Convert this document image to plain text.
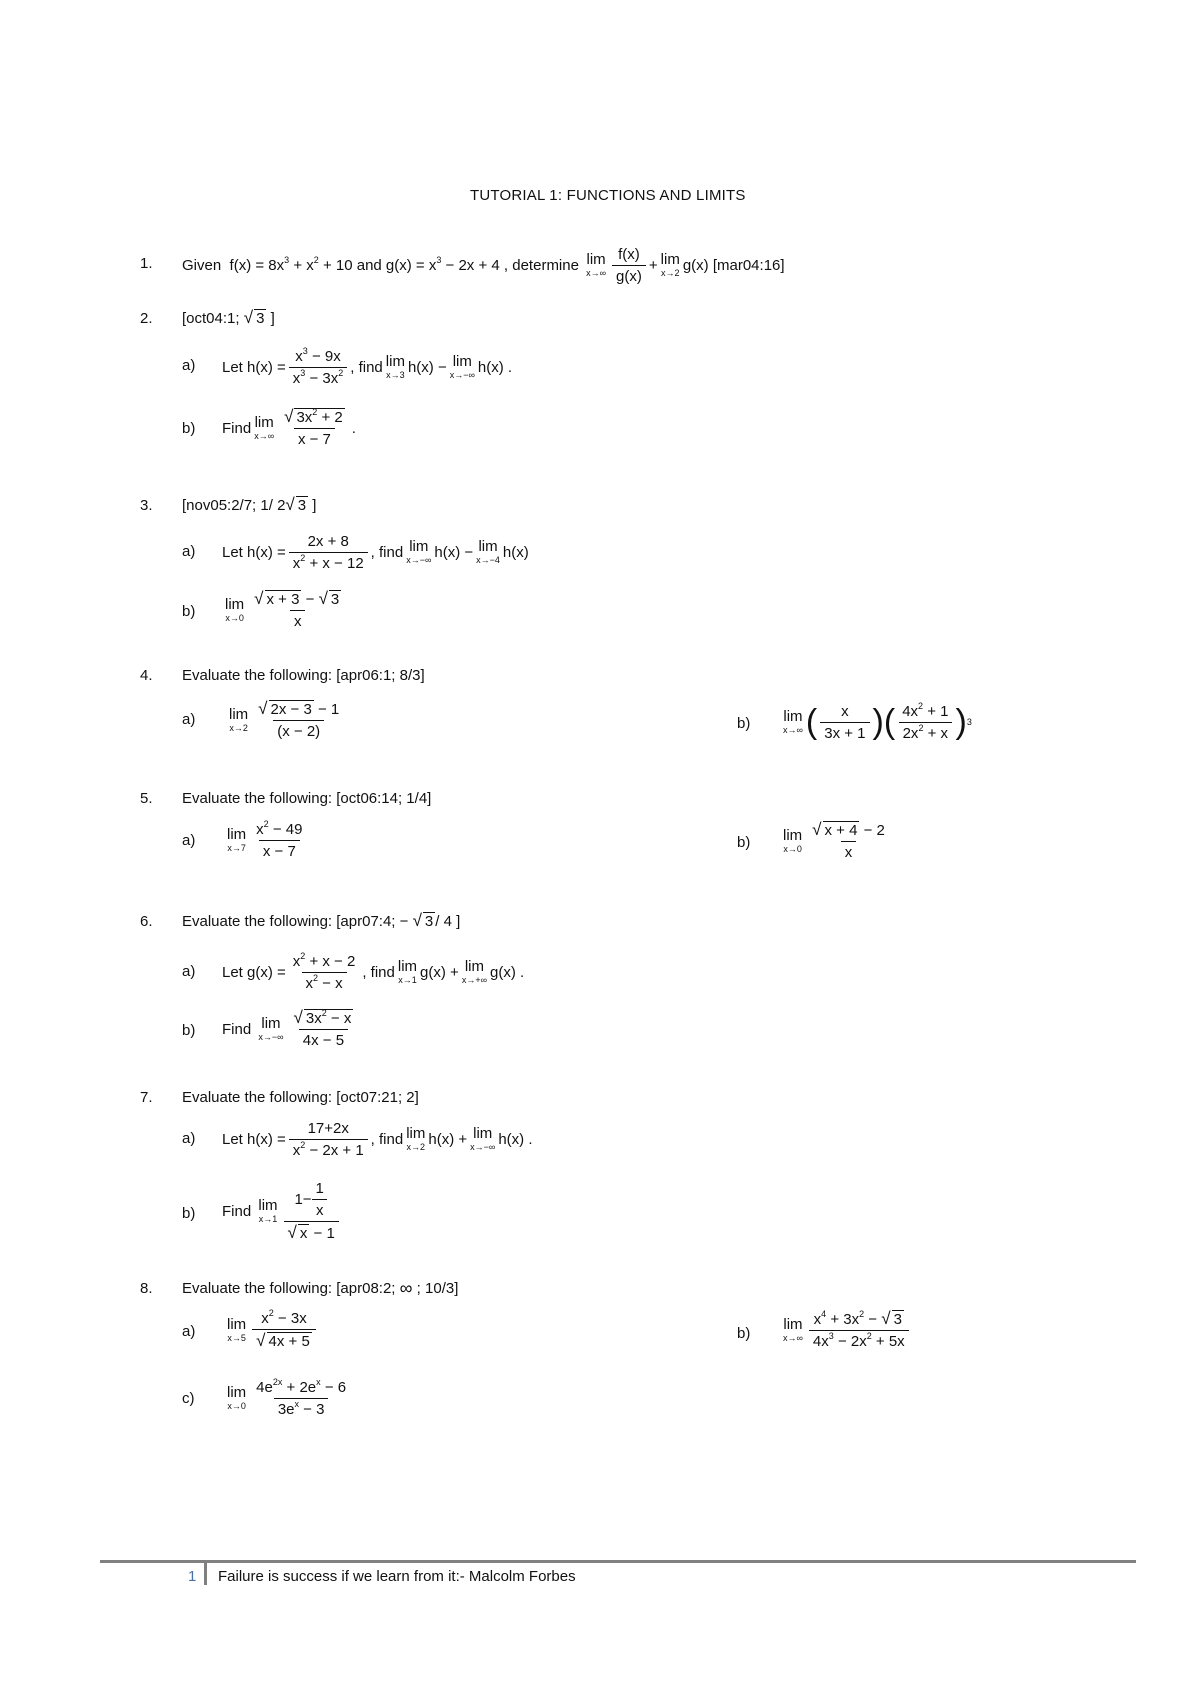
TUTORIAL 1: FUNCTIONS AND LIMITS
1. Given
$f(x) = 8x^3 + x^2 + 10$ and $g(x) = x^3 - 2x + 4$ , determine
lim
$x\to\infty \frac{f(x)}{g(x)} + \lim$
x→2 g(x)
[mar04:16]
2. [oct04:1;
√ 3
]
a) Let $h(x) = \frac{x^3 - 9x}{x^3 - 3x^2}$ , find lim
x→3 h(x) − lim
x→−∞ h(x) .
b) Find lim
$x\to\infty \frac{√ 3x^2 + 2}{x - 7}$ .
3. [nov05:2/7; 1/ 2 √ 3
]
a) Let $h(x) = \frac{2x + 8}{x^2 + x - 12}$ , find lim
x→−∞ h(x) − lim
x→−4 h(x)
b) lim
$x\to 0 \frac{√ x + 3 - √ 3}{x}$
4. Evaluate the following: [apr06:1; 8/3]
a) lim
$x\to 2 \frac{√ 2x - 3 - 1}{(x - 2)}$	b) lim
x→∞ ( $\frac{x}{3x + 1}$ )( $\frac{4x^2 + 1}{2x^2 + x}$ ) 3
5. Evaluate the following: [oct06:14; 1/4]
a) lim
$x\to 7 \frac{x^2 - 49}{x - 7}$	b) lim
$x\to 0 \frac{√ x + 4 - 2}{x}$
6. Evaluate the following: [apr07:4; −
√ 3 / 4 ]
a) Let $g(x) = \frac{x^2 + x - 2}{x^2 - x}$ , find lim
x→1 g(x) + lim
x→+∞ g(x) .
b) Find
lim
$x\to-\infty \frac{√ 3x^2 - x}{4x - 5}$
7. Evaluate the following: [oct07:21; 2]
a) Let $h(x) = \frac{17+2x}{x^2 - 2x + 1}$ , find lim
x→2 h(x) + lim
x→−∞ h(x) .
b) Find
lim
$x\to 1 \frac{1- \frac{1}{x}}{√ x - 1}$
8. Evaluate the following: [apr08:2;
∞
; 10/3]
a) lim
$x\to 5 \frac{x^2 - 3x}{√ 4x + 5}$	b)
lim
$x\to\infty \frac{x^4 + 3x^2 - √ 3}{4x^3 - 2x^2 + 5x}$
c) lim
$x\to 0 \frac{4e^{2x} + 2e^x - 6}{3e^x - 3}$
1 Failure is success if we learn from it:- Malcolm Forbes
